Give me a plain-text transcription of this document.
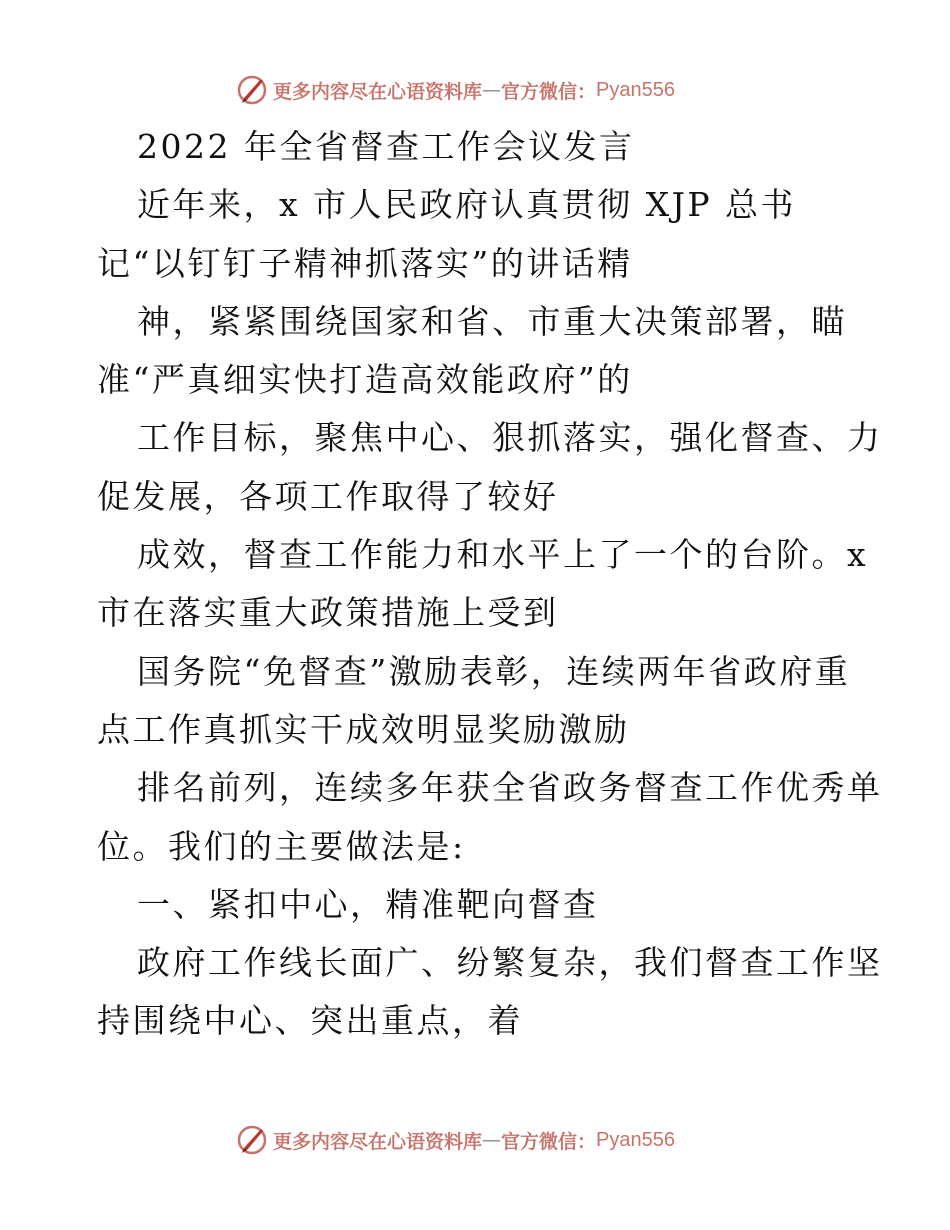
更多内容尽在心语资料库 — 官方微信： Pyan556
2022 年全省督查工作会议发言
近年来，x 市人民政府认真贯彻 XJP 总书
记“以钉钉子精神抓落实”的讲话精
神，紧紧围绕国家和省、市重大决策部署，瞄
准“严真细实快打造高效能政府”的
工作目标，聚焦中心、狠抓落实，强化督查、力
促发展，各项工作取得了较好
成效，督查工作能力和水平上了一个的台阶。x
市在落实重大政策措施上受到
国务院“免督查”激励表彰，连续两年省政府重
点工作真抓实干成效明显奖励激励
排名前列，连续多年获全省政务督查工作优秀单
位。我们的主要做法是:
一、紧扣中心，精准靶向督查
政府工作线长面广、纷繁复杂，我们督查工作坚
持围绕中心、突出重点，着
更多内容尽在心语资料库 — 官方微信： Pyan556
